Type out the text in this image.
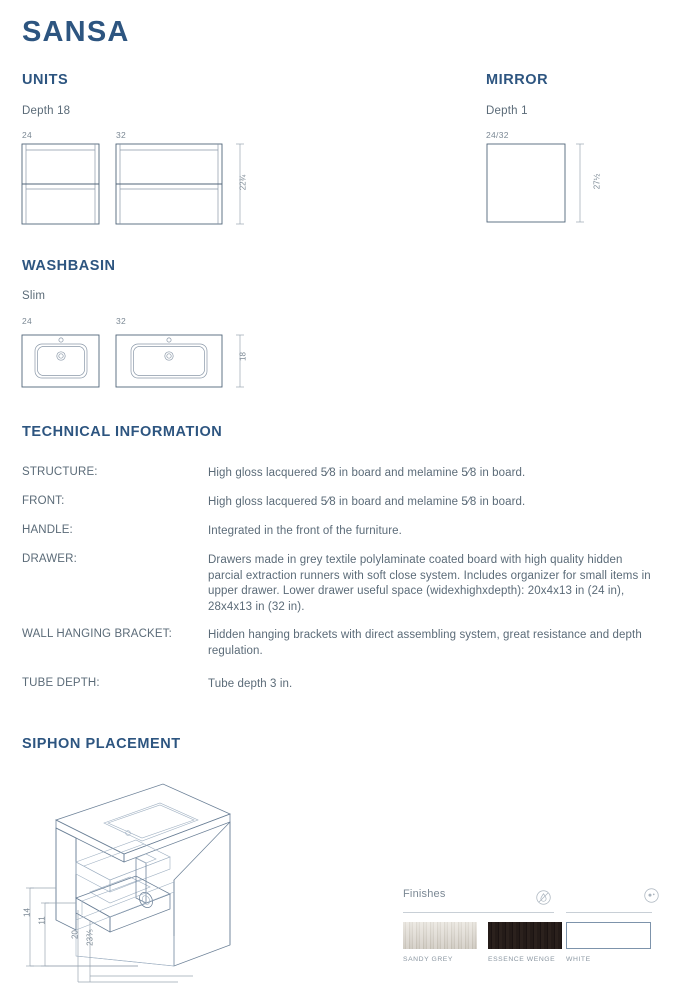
SANSA
UNITS
Depth 18
24	32
22¾
MIRROR
Depth 1
24/32
27½
WASHBASIN
Slim
24	32
18
TECHNICAL INFORMATION
STRUCTURE:	High gloss lacquered 5⁄8 in board and melamine 5⁄8 in board.
FRONT:	High gloss lacquered 5⁄8 in board and melamine 5⁄8 in board.
HANDLE:	Integrated in the front of the furniture.
DRAWER:	Drawers made in grey textile polylaminate coated board with high quality hidden parcial extraction runners with soft close system. Includes organizer for small items in upper drawer. Lower drawer useful space (widexhighxdepth): 20x4x13 in (24 in), 28x4x13 in (32 in).
WALL HANGING BRACKET:	Hidden hanging brackets with direct assembling system, great resistance and depth regulation.
TUBE DEPTH:	Tube depth 3 in.
SIPHON PLACEMENT
14
11
20 23⅗
Finishes
SANDY GREY	ESSENCE WENGE WHITE
